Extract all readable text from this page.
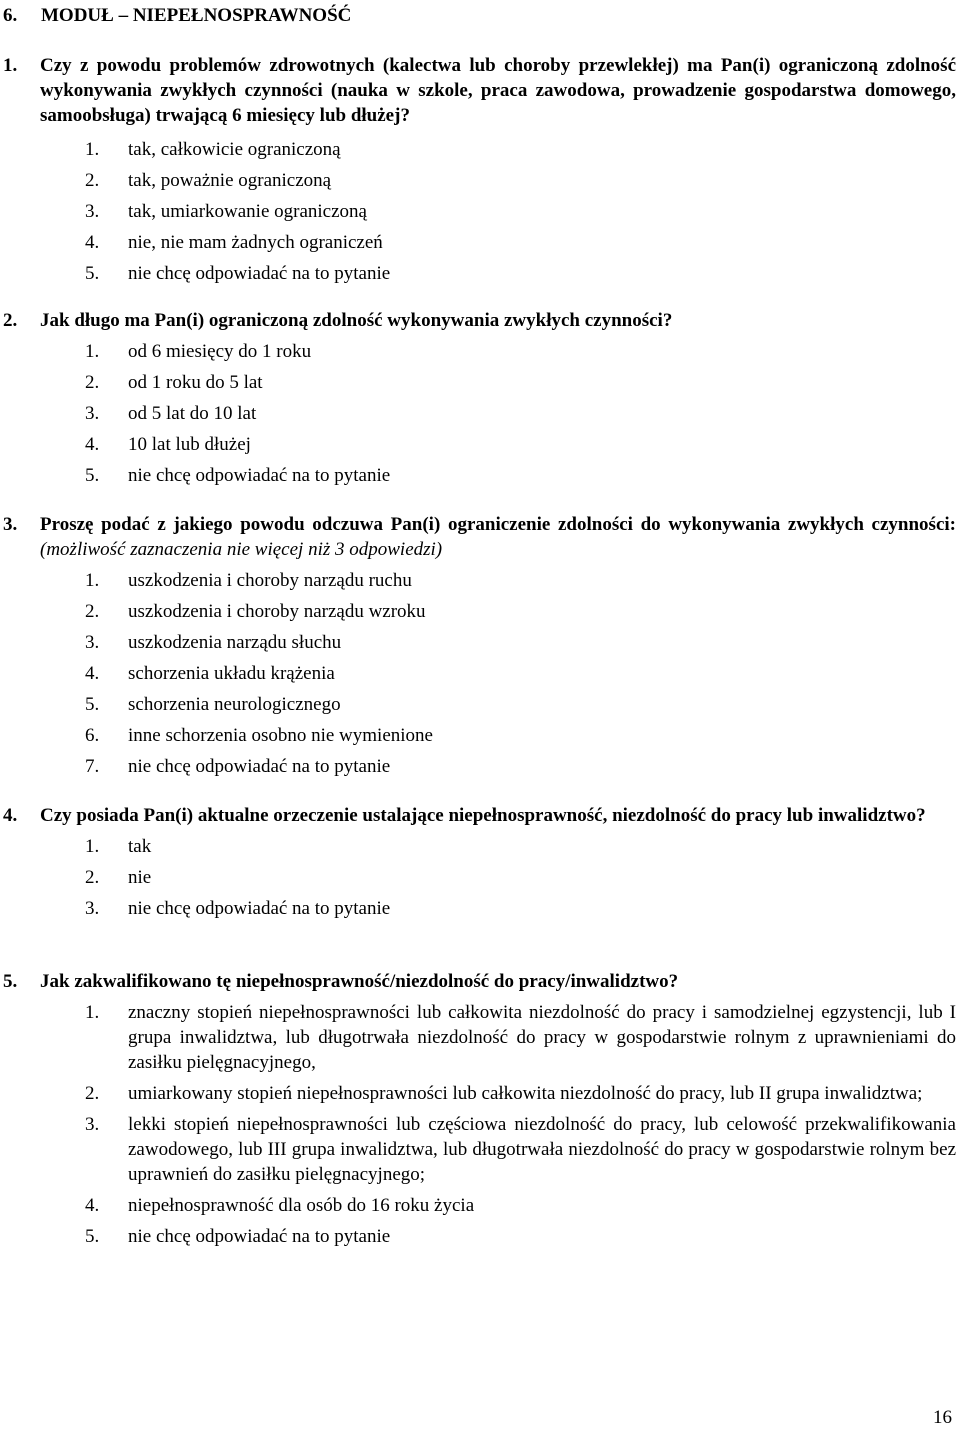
6. MODUŁ – NIEPEŁNOSPRAWNOŚĆ
1.	Czy z powodu problemów zdrowotnych (kalectwa lub choroby przewlekłej) ma Pan(i) ograniczoną zdolność wykonywania zwykłych czynności (nauka w szkole, praca zawodowa, prowadzenie gospodarstwa domowego, samoobsługa) trwającą 6 miesięcy lub dłużej?
1.	tak, całkowicie ograniczoną
2.	tak, poważnie ograniczoną
3.	tak, umiarkowanie ograniczoną
4.	nie, nie mam żadnych ograniczeń
5.	nie chcę odpowiadać na to pytanie
2.	Jak długo ma Pan(i) ograniczoną zdolność wykonywania zwykłych czynności?
1.	od 6 miesięcy do 1 roku
2.	od 1 roku do 5 lat
3.	od 5 lat do 10 lat
4.	10 lat lub dłużej
5.	nie chcę odpowiadać na to pytanie
3.	Proszę podać z jakiego powodu odczuwa Pan(i) ograniczenie zdolności do wykonywania zwykłych czynności: (możliwość zaznaczenia nie więcej niż 3 odpowiedzi)
1.	uszkodzenia i choroby narządu ruchu
2.	uszkodzenia i choroby narządu wzroku
3.	uszkodzenia narządu słuchu
4.	schorzenia układu krążenia
5.	schorzenia neurologicznego
6.	inne schorzenia osobno nie wymienione
7.	nie chcę odpowiadać na to pytanie
4.	Czy posiada Pan(i) aktualne orzeczenie ustalające niepełnosprawność, niezdolność do pracy lub inwalidztwo?
1.	tak
2.	nie
3.	nie chcę odpowiadać na to pytanie
5.	Jak zakwalifikowano tę niepełnosprawność/niezdolność do pracy/inwalidztwo?
1.	znaczny stopień niepełnosprawności lub całkowita niezdolność do pracy i samodzielnej egzystencji, lub I grupa inwalidztwa, lub długotrwała niezdolność do pracy w gospodarstwie rolnym z uprawnieniami do zasiłku pielęgnacyjnego,
2.	umiarkowany stopień niepełnosprawności lub całkowita niezdolność do pracy, lub II grupa inwalidztwa;
3.	lekki stopień niepełnosprawności lub częściowa niezdolność do pracy, lub celowość przekwalifikowania zawodowego, lub III grupa inwalidztwa, lub długotrwała niezdolność do pracy w gospodarstwie rolnym bez uprawnień do zasiłku pielęgnacyjnego;
4.	niepełnosprawność dla osób do 16 roku życia
5.	nie chcę odpowiadać na to pytanie
16
